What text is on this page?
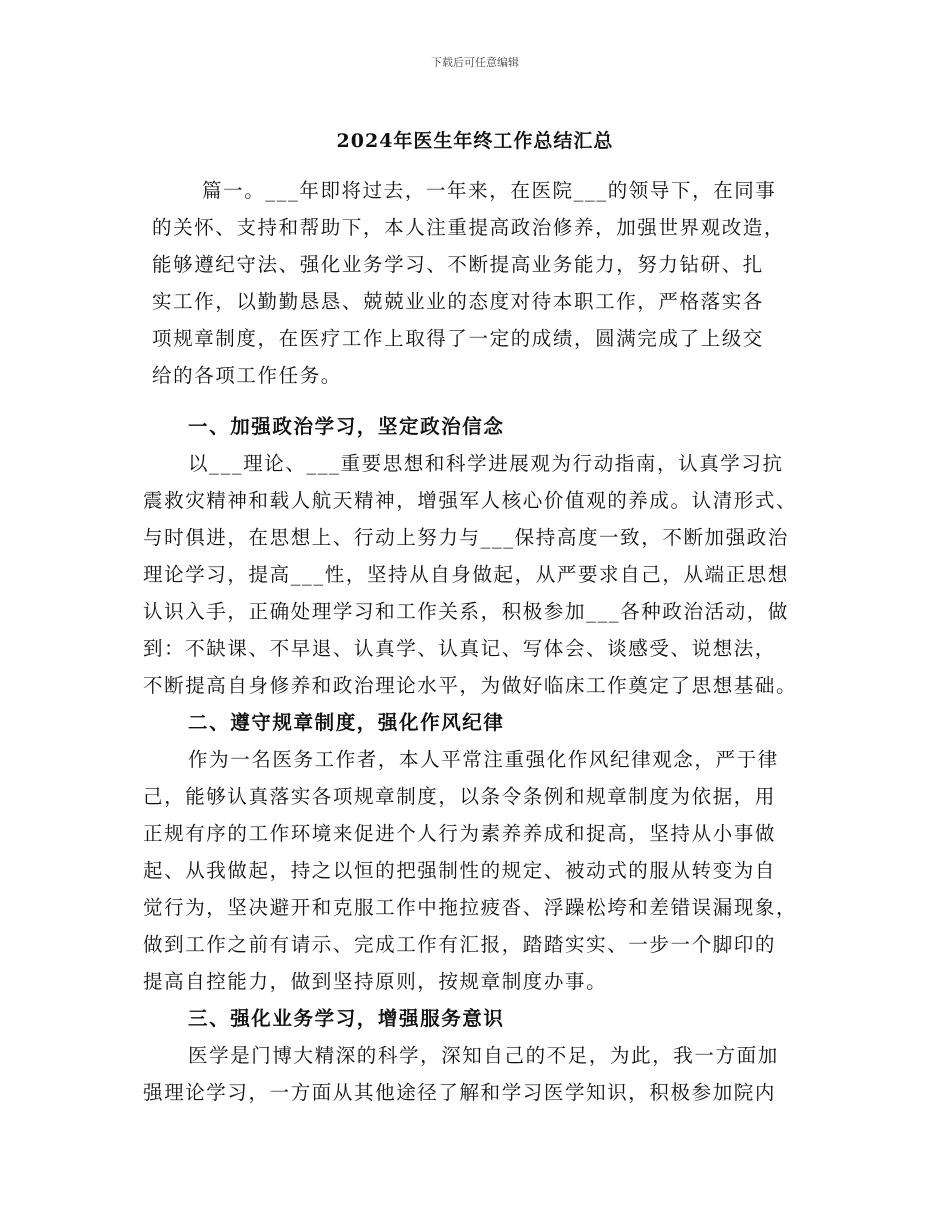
下载后可任意编辑
2024年医生年终工作总结汇总
篇一。___年即将过去，一年来，在医院___的领导下，在同事
的关怀、支持和帮助下，本人注重提高政治修养，加强世界观改造，
能够遵纪守法、强化业务学习、不断提高业务能力，努力钻研、扎
实工作，以勤勤恳恳、兢兢业业的态度对待本职工作，严格落实各
项规章制度，在医疗工作上取得了一定的成绩，圆满完成了上级交
给的各项工作任务。
一、加强政治学习，坚定政治信念
以___理论、___重要思想和科学进展观为行动指南，认真学习抗
震救灾精神和载人航天精神，增强军人核心价值观的养成。认清形式、
与时俱进，在思想上、行动上努力与___保持高度一致，不断加强政治
理论学习，提高___性，坚持从自身做起，从严要求自己，从端正思想
认识入手，正确处理学习和工作关系，积极参加___各种政治活动，做
到：不缺课、不早退、认真学、认真记、写体会、谈感受、说想法，
不断提高自身修养和政治理论水平，为做好临床工作奠定了思想基础。
二、遵守规章制度，强化作风纪律
作为一名医务工作者，本人平常注重强化作风纪律观念，严于律
己，能够认真落实各项规章制度，以条令条例和规章制度为依据，用
正规有序的工作环境来促进个人行为素养养成和捉高，坚持从小事做
起、从我做起，持之以恒的把强制性的规定、被动式的服从转变为自
觉行为，坚决避开和克服工作中拖拉疲沓、浮躁松垮和差错误漏现象，
做到工作之前有请示、完成工作有汇报，踏踏实实、一步一个脚印的
提高自控能力，做到坚持原则，按规章制度办事。
三、强化业务学习，增强服务意识
医学是门博大精深的科学，深知自己的不足，为此，我一方面加
强理论学习，一方面从其他途径了解和学习医学知识，积极参加院内
